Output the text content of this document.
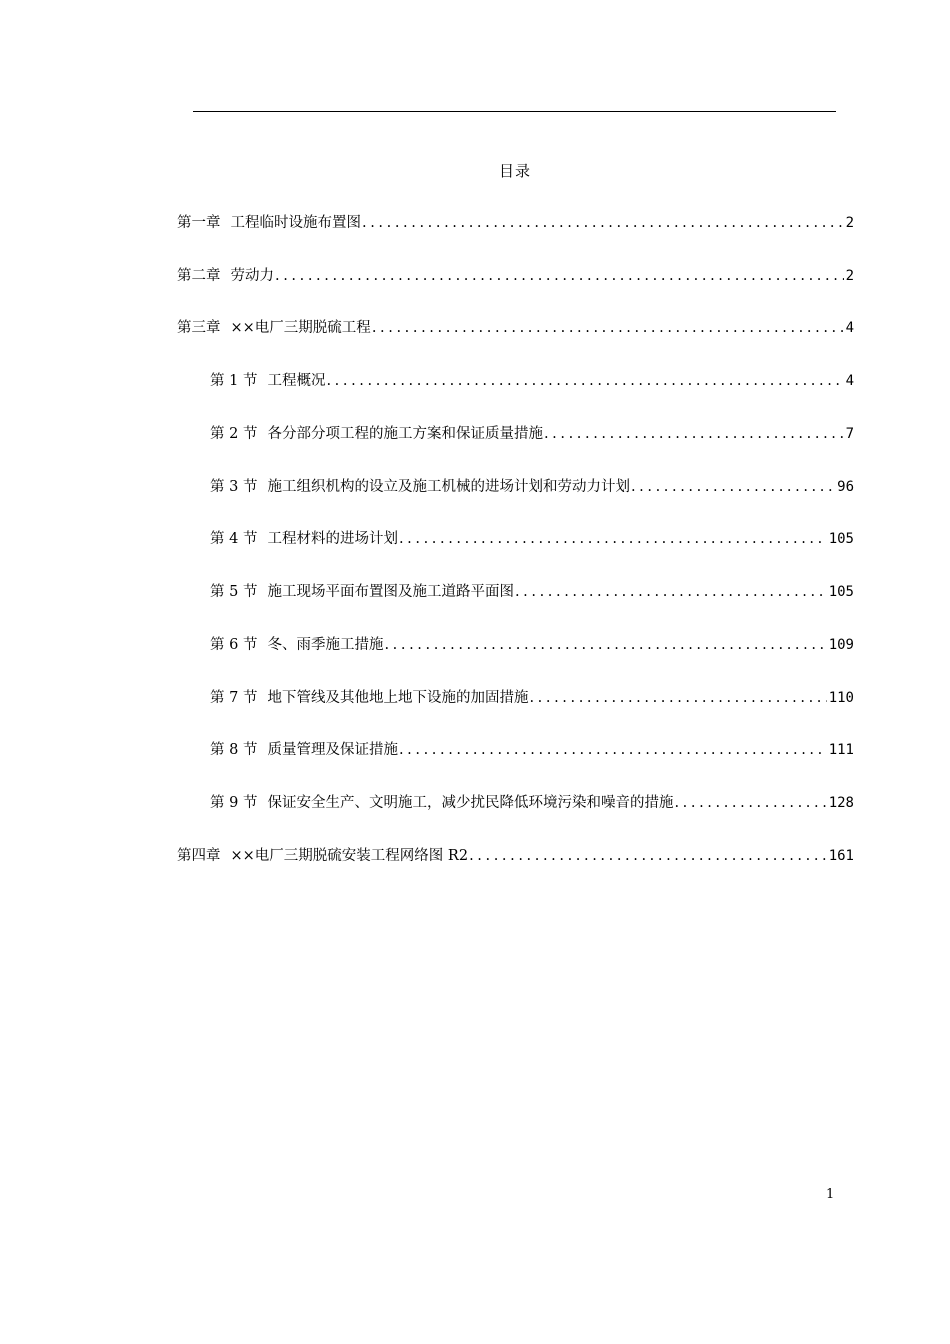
目录
第一章 工程临时设施布置图 .....	2
第二章 劳动力 .....	2
第三章 ××电厂三期脱硫工程 .....	4
第 1 节 工程概况 .....	4
第 2 节 各分部分项工程的施工方案和保证质量措施 .....	7
第 3 节 施工组织机构的设立及施工机械的进场计划和劳动力计划 .....	96
第 4 节 工程材料的进场计划 .....	105
第 5 节 施工现场平面布置图及施工道路平面图 .....	105
第 6 节 冬、雨季施工措施 .....	109
第 7 节 地下管线及其他地上地下设施的加固措施 .....	110
第 8 节 质量管理及保证措施 .....	111
第 9 节 保证安全生产、文明施工，减少扰民降低环境污染和噪音的措施 .....	128
第四章 ××电厂三期脱硫安装工程网络图 R2 .....	161
1
